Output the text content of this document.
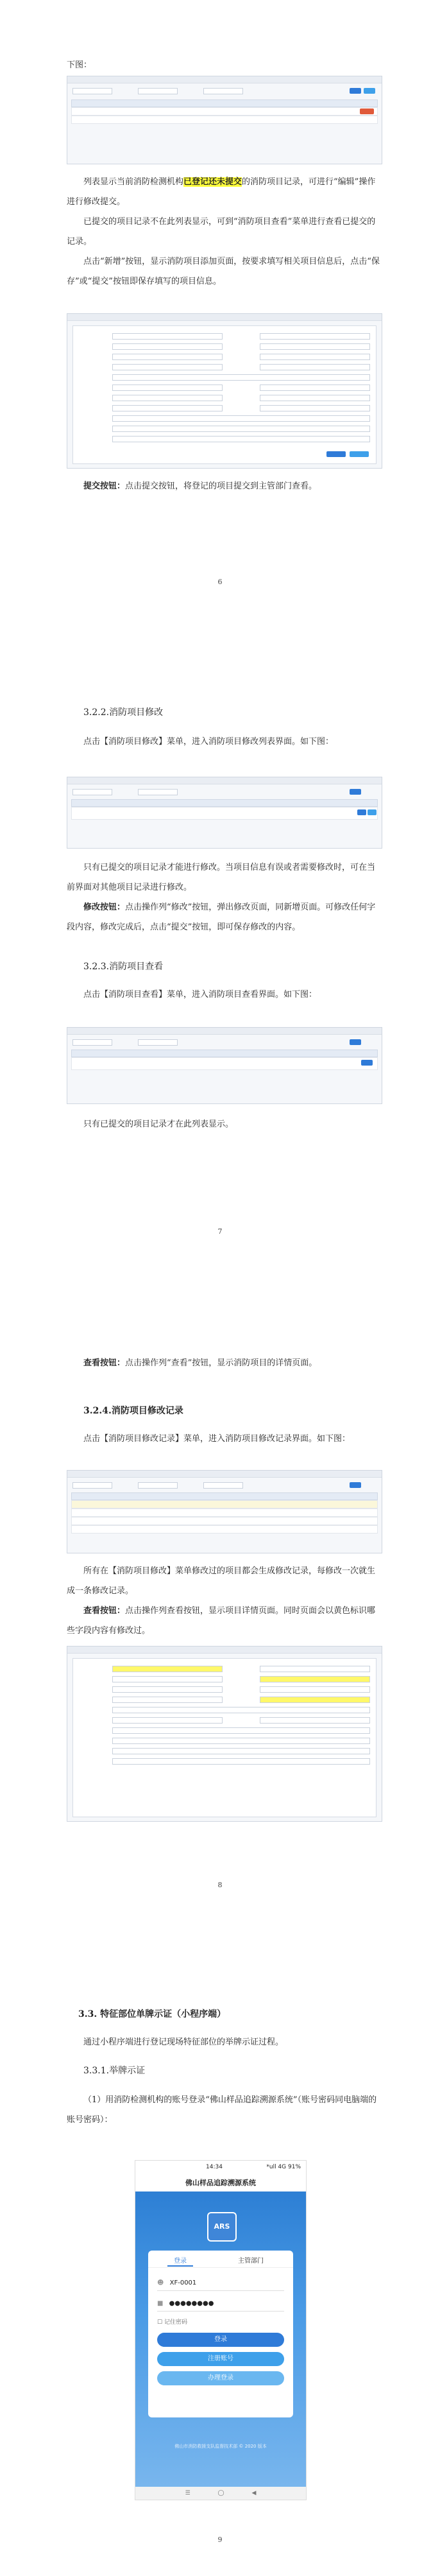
下图：

列表显示当前消防检测机构已登记还未提交的消防项目记录，可进行“编辑”操作进行修改提交。

已提交的项目记录不在此列表显示，可到“消防项目查看”菜单进行查看已提交的记录。

点击“新增”按钮，显示消防项目添加页面，按要求填写相关项目信息后，点击“保存”或“提交”按钮即保存填写的项目信息。

提交按钮：点击提交按钮，将登记的项目提交到主管部门查看。

6
3.2.2.消防项目修改

点击【消防项目修改】菜单，进入消防项目修改列表界面。如下图：

只有已提交的项目记录才能进行修改。当项目信息有误或者需要修改时，可在当前界面对其他项目记录进行修改。

修改按钮：点击操作列“修改”按钮，弹出修改页面，同新增页面。可修改任何字段内容，修改完成后，点击“提交”按钮，即可保存修改的内容。

3.2.3.消防项目查看

点击【消防项目查看】菜单，进入消防项目查看界面。如下图：

只有已提交的项目记录才在此列表显示。

7

查看按钮：点击操作列“查看”按钮，显示消防项目的详情页面。

3.2.4.消防项目修改记录

点击【消防项目修改记录】菜单，进入消防项目修改记录界面。如下图：

所有在【消防项目修改】菜单修改过的项目都会生成修改记录，每修改一次就生成一条修改记录。

查看按钮：点击操作列查看按钮，显示项目详情页面。同时页面会以黄色标识哪些字段内容有修改过。

8
3.3. 特征部位单牌示证（小程序端）

通过小程序端进行登记现场特征部位的举牌示证过程。

3.3.1.举牌示证

（1）用消防检测机构的账号登录“佛山样品追踪溯源系统”（账号密码同电脑端的账号密码）：

14:34	*ull 4G 91%
佛山样品追踪溯源系统
ARS
登录	主管部门
☻ XF-0001
■ ●●●●●●●●
☐ 记住密码
登录
注册账号
办理登录
佛山市消防救援支队监督技术部 © 2020 版本
☰	◯	◀
9
